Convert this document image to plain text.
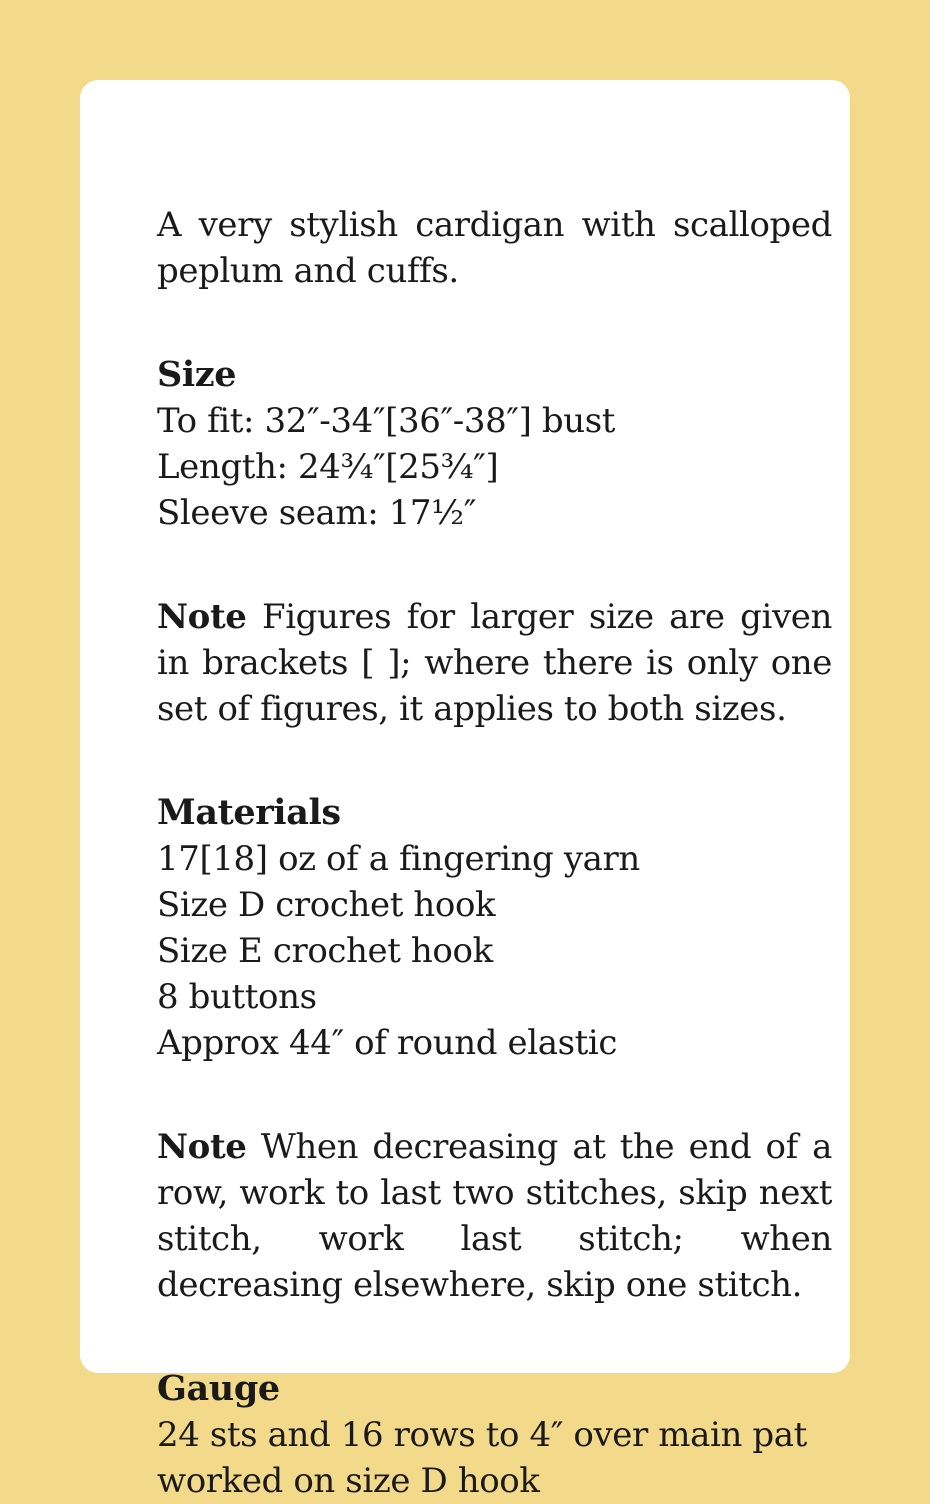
A very stylish cardigan with scalloped peplum and cuffs.

Size
To fit: 32″-34″[36″-38″] bust
Length: 24¾″[25¾″]
Sleeve seam: 17½″

Note Figures for larger size are given in brackets [ ]; where there is only one set of figures, it applies to both sizes.

Materials
17[18] oz of a fingering yarn
Size D crochet hook
Size E crochet hook
8 buttons
Approx 44″ of round elastic

Note When decreasing at the end of a row, work to last two stitches, skip next stitch, work last stitch; when decreasing elsewhere, skip one stitch.

Gauge
24 sts and 16 rows to 4″ over main pat
worked on size D hook
